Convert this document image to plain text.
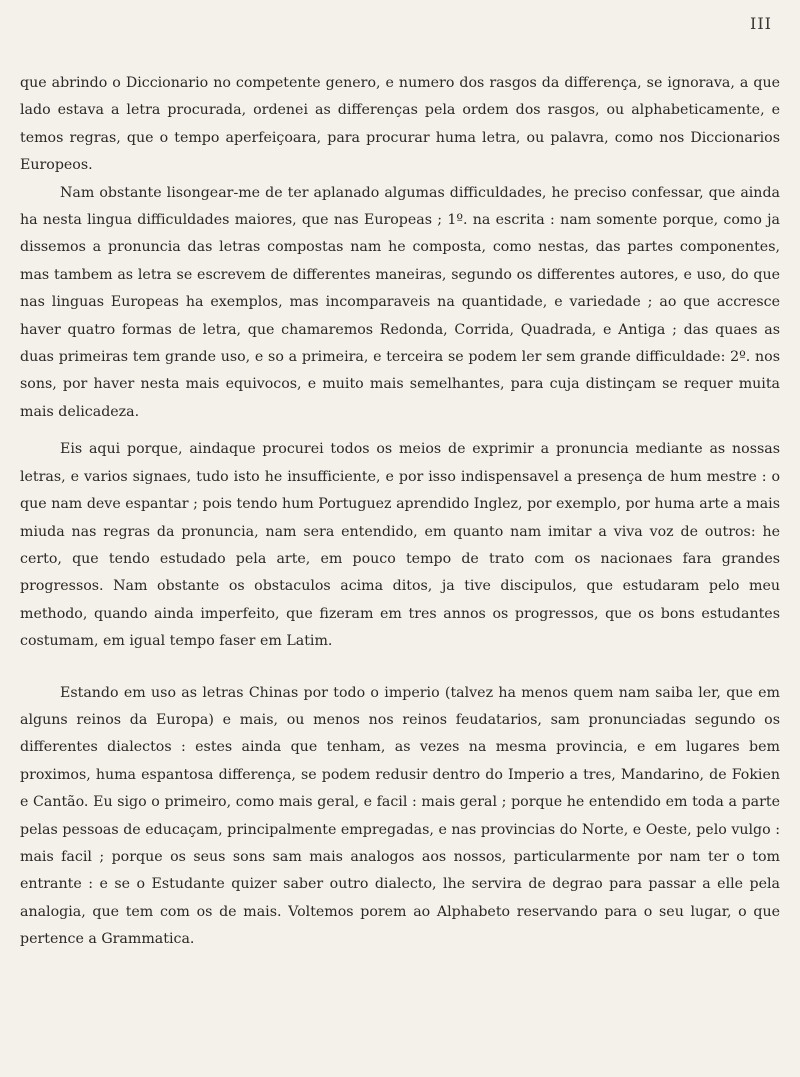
III

que abrindo o Diccionario no competente genero, e numero dos rasgos da differença, se ignorava, a que lado estava a letra procurada, ordenei as differenças pela ordem dos rasgos, ou alphabeticamente, e temos regras, que o tempo aperfeiçoara, para procurar huma letra, ou palavra, como nos Diccionarios Europeos.

Nam obstante lisongear-me de ter aplanado algumas difficuldades, he preciso confessar, que ainda ha nesta lingua difficuldades maiores, que nas Europeas ; 1º. na escrita : nam somente porque, como ja dissemos a pronuncia das letras compostas nam he composta, como nestas, das partes componentes, mas tambem as letra se escrevem de differentes maneiras, segundo os differentes autores, e uso, do que nas linguas Europeas ha exemplos, mas incomparaveis na quantidade, e variedade ; ao que accresce haver quatro formas de letra, que chamaremos Redonda, Corrida, Quadrada, e Antiga ; das quaes as duas primeiras tem grande uso, e so a primeira, e terceira se podem ler sem grande difficuldade: 2º. nos sons, por haver nesta mais equivocos, e muito mais semelhantes, para cuja distinçam se requer muita mais delicadeza.

Eis aqui porque, aindaque procurei todos os meios de exprimir a pronuncia mediante as nossas letras, e varios signaes, tudo isto he insufficiente, e por isso indispensavel a presença de hum mestre : o que nam deve espantar ; pois tendo hum Portuguez aprendido Inglez, por exemplo, por huma arte a mais miuda nas regras da pronuncia, nam sera entendido, em quanto nam imitar a viva voz de outros: he certo, que tendo estudado pela arte, em pouco tempo de trato com os nacionaes fara grandes progressos. Nam obstante os obstaculos acima ditos, ja tive discipulos, que estudaram pelo meu methodo, quando ainda imperfeito, que fizeram em tres annos os progressos, que os bons estudantes costumam, em igual tempo faser em Latim.

Estando em uso as letras Chinas por todo o imperio (talvez ha menos quem nam saiba ler, que em alguns reinos da Europa) e mais, ou menos nos reinos feudatarios, sam pronunciadas segundo os differentes dialectos : estes ainda que tenham, as vezes na mesma provincia, e em lugares bem proximos, huma espantosa differença, se podem redusir dentro do Imperio a tres, Mandarino, de Fokien e Cantão. Eu sigo o primeiro, como mais geral, e facil : mais geral ; porque he entendido em toda a parte pelas pessoas de educaçam, principalmente empregadas, e nas provincias do Norte, e Oeste, pelo vulgo : mais facil ; porque os seus sons sam mais analogos aos nossos, particularmente por nam ter o tom entrante : e se o Estudante quizer saber outro dialecto, lhe servira de degrao para passar a elle pela analogia, que tem com os de mais. Voltemos porem ao Alphabeto reservando para o seu lugar, o que pertence a Grammatica.
